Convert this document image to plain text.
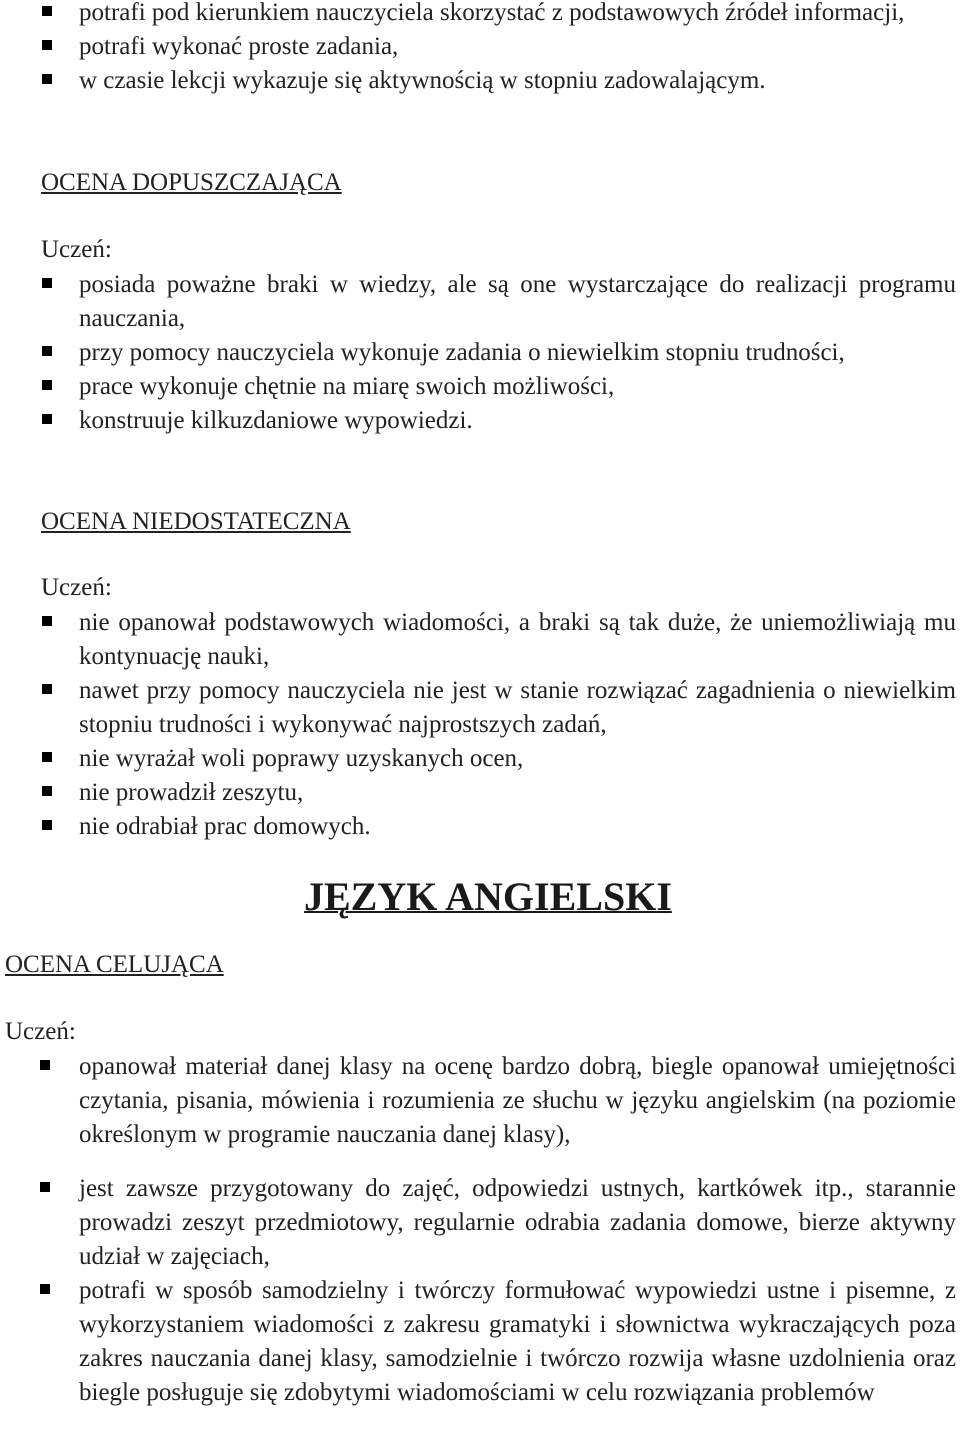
potrafi pod kierunkiem nauczyciela skorzystać z podstawowych źródeł informacji,
potrafi wykonać proste zadania,
w czasie lekcji wykazuje się aktywnością w stopniu zadowalającym.
OCENA DOPUSZCZAJĄCA
Uczeń:
posiada poważne braki w wiedzy, ale są one wystarczające do realizacji programu nauczania,
przy pomocy nauczyciela wykonuje zadania o niewielkim stopniu trudności,
prace wykonuje chętnie na miarę swoich możliwości,
konstruuje kilkuzdaniowe wypowiedzi.
OCENA NIEDOSTATECZNA
Uczeń:
nie opanował podstawowych wiadomości, a braki są tak duże, że uniemożliwiają mu kontynuację nauki,
nawet przy pomocy nauczyciela nie jest w stanie rozwiązać zagadnienia o niewielkim stopniu trudności i wykonywać najprostszych zadań,
nie wyrażał woli poprawy uzyskanych ocen,
nie prowadził zeszytu,
nie odrabiał prac domowych.
JĘZYK ANGIELSKI
OCENA CELUJĄCA
Uczeń:
opanował materiał danej klasy na ocenę bardzo dobrą, biegle opanował umiejętności czytania, pisania, mówienia i rozumienia ze słuchu w języku angielskim (na poziomie określonym w programie nauczania danej klasy),
jest zawsze przygotowany do zajęć, odpowiedzi ustnych, kartkówek itp., starannie prowadzi zeszyt przedmiotowy, regularnie odrabia zadania domowe, bierze aktywny udział w zajęciach,
potrafi w sposób samodzielny i twórczy formułować wypowiedzi ustne i pisemne, z wykorzystaniem wiadomości z zakresu gramatyki i słownictwa wykraczających poza zakres nauczania danej klasy, samodzielnie i twórczo rozwija własne uzdolnienia oraz biegle posługuje się zdobytymi wiadomościami w celu rozwiązania problemów
